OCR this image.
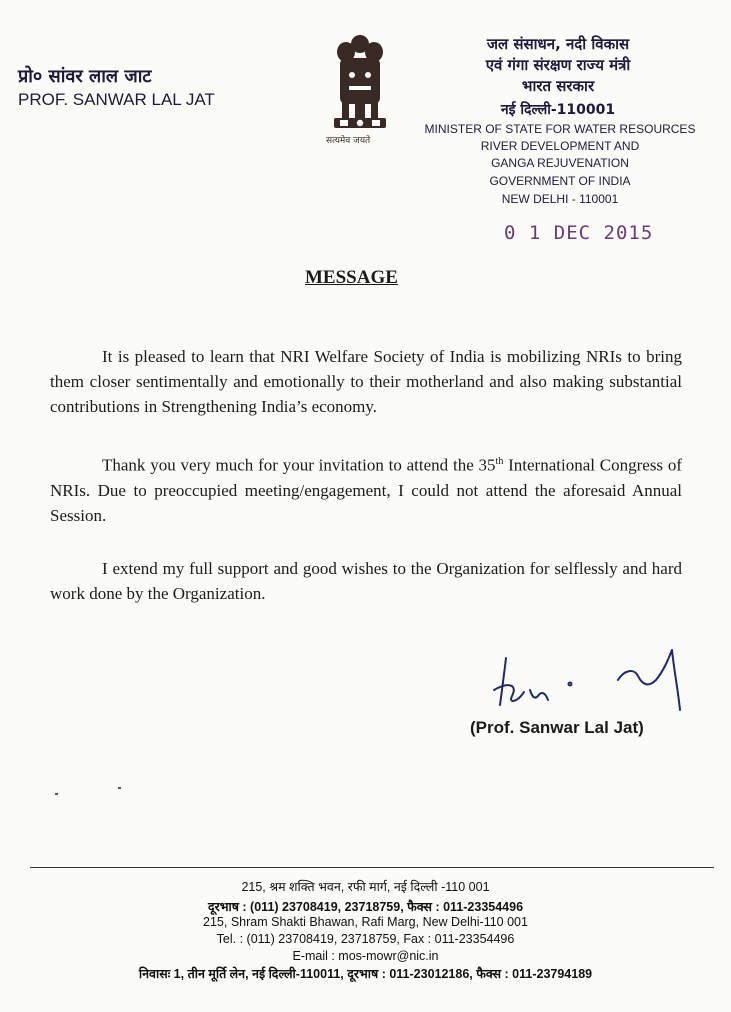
प्रो० सांवर लाल जाट
PROF. SANWAR LAL JAT
सत्यमेव जयते
जल संसाधन, नदी विकास
एवं गंगा संरक्षण राज्य मंत्री
भारत सरकार
नई दिल्ली-110001
MINISTER OF STATE FOR WATER RESOURCES
RIVER DEVELOPMENT AND
GANGA REJUVENATION
GOVERNMENT OF INDIA
NEW DELHI - 110001
0 1 DEC 2015
MESSAGE
It is pleased to learn that NRI Welfare Society of India is mobilizing NRIs to bring them closer sentimentally and emotionally to their motherland and also making substantial contributions in Strengthening India’s economy.
Thank you very much for your invitation to attend the 35th International Congress of NRIs. Due to preoccupied meeting/engagement, I could not attend the aforesaid Annual Session.
I extend my full support and good wishes to the Organization for selflessly and hard work done by the Organization.
(Prof. Sanwar Lal Jat)
215, श्रम शक्ति भवन, रफी मार्ग, नई दिल्ली -110 001
दूरभाष : (011) 23708419, 23718759, फैक्स : 011-23354496
215, Shram Shakti Bhawan, Rafi Marg, New Delhi-110 001
Tel. : (011) 23708419, 23718759, Fax : 011-23354496
E-mail : mos-mowr@nic.in
निवासः 1, तीन मूर्ति लेन, नई दिल्ली-110011, दूरभाष : 011-23012186, फैक्स : 011-23794189
